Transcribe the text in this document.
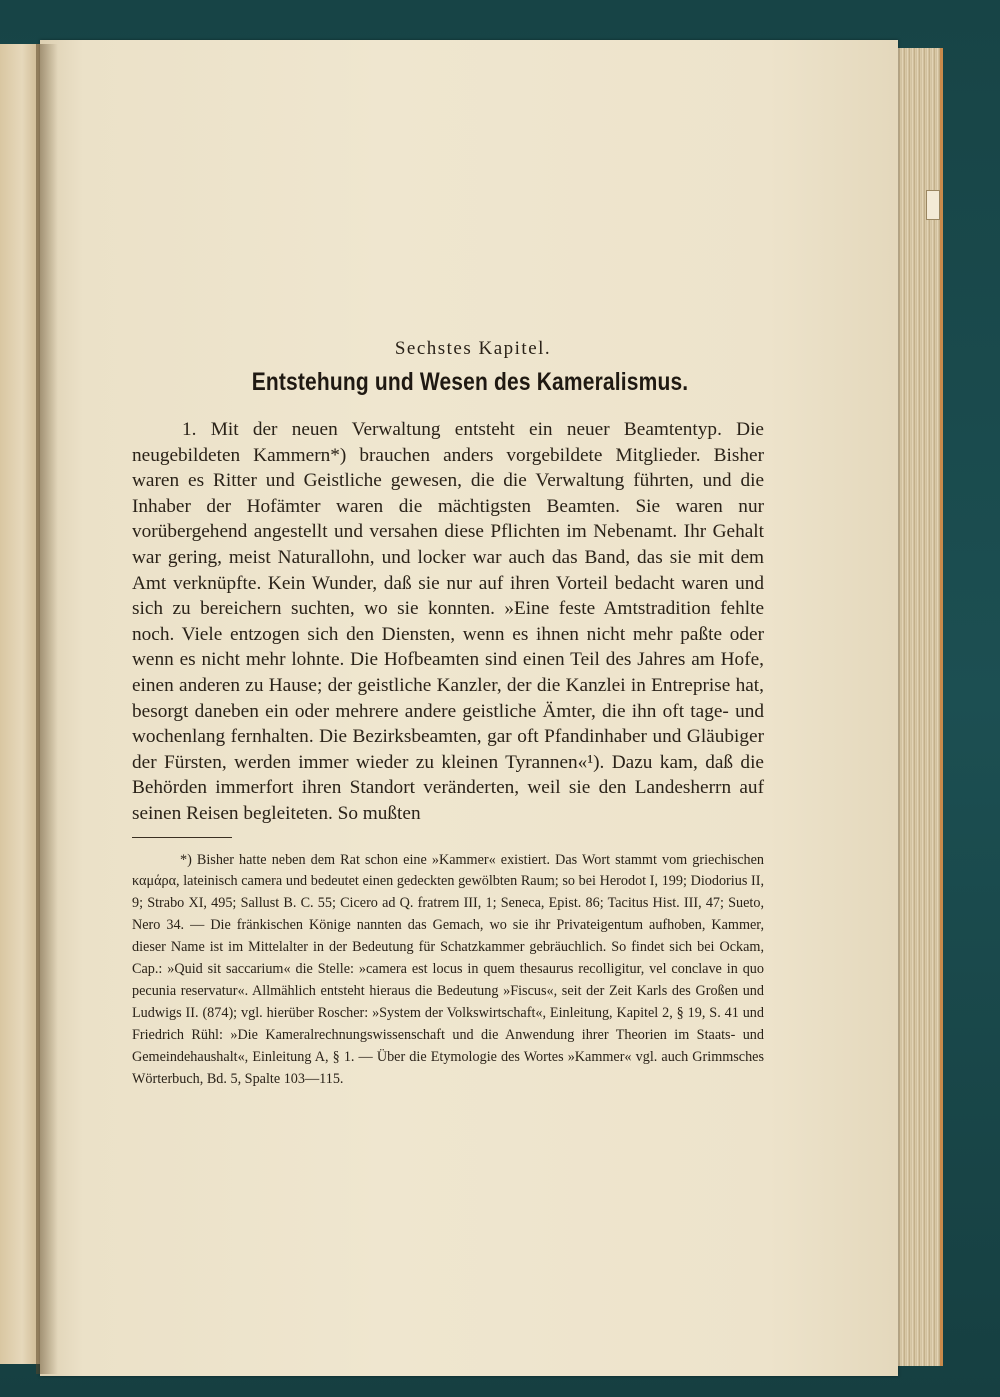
Sechstes Kapitel.
Entstehung und Wesen des Kameralismus.

1. Mit der neuen Verwaltung entsteht ein neuer Beamtentyp. Die neugebildeten Kammern*) brauchen anders vorgebildete Mitglieder. Bisher waren es Ritter und Geistliche gewesen, die die Verwaltung führten, und die Inhaber der Hofämter waren die mächtigsten Beamten. Sie waren nur vorübergehend angestellt und versahen diese Pflichten im Nebenamt. Ihr Gehalt war gering, meist Naturallohn, und locker war auch das Band, das sie mit dem Amt verknüpfte. Kein Wunder, daß sie nur auf ihren Vorteil bedacht waren und sich zu bereichern suchten, wo sie konnten. »Eine feste Amtstradition fehlte noch. Viele entzogen sich den Diensten, wenn es ihnen nicht mehr paßte oder wenn es nicht mehr lohnte. Die Hofbeamten sind einen Teil des Jahres am Hofe, einen anderen zu Hause; der geistliche Kanzler, der die Kanzlei in Entreprise hat, besorgt daneben ein oder mehrere andere geistliche Ämter, die ihn oft tage- und wochenlang fernhalten. Die Bezirksbeamten, gar oft Pfandinhaber und Gläubiger der Fürsten, werden immer wieder zu kleinen Tyrannen«¹). Dazu kam, daß die Behörden immerfort ihren Standort veränderten, weil sie den Landesherrn auf seinen Reisen begleiteten. So mußten

*) Bisher hatte neben dem Rat schon eine »Kammer« existiert. Das Wort stammt vom griechischen καμάρα, lateinisch camera und bedeutet einen gedeckten gewölbten Raum; so bei Herodot I, 199; Diodorius II, 9; Strabo XI, 495; Sallust B. C. 55; Cicero ad Q. fratrem III, 1; Seneca, Epist. 86; Tacitus Hist. III, 47; Sueto, Nero 34. — Die fränkischen Könige nannten das Gemach, wo sie ihr Privateigentum aufhoben, Kammer, dieser Name ist im Mittelalter in der Bedeutung für Schatzkammer gebräuchlich. So findet sich bei Ockam, Cap.: »Quid sit saccarium« die Stelle: »camera est locus in quem thesaurus recolligitur, vel conclave in quo pecunia reservatur«. Allmählich entsteht hieraus die Bedeutung »Fiscus«, seit der Zeit Karls des Großen und Ludwigs II. (874); vgl. hierüber Roscher: »System der Volkswirtschaft«, Einleitung, Kapitel 2, § 19, S. 41 und Friedrich Rühl: »Die Kameralrechnungswissenschaft und die Anwendung ihrer Theorien im Staats- und Gemeindehaushalt«, Einleitung A, § 1. — Über die Etymologie des Wortes »Kammer« vgl. auch Grimmsches Wörterbuch, Bd. 5, Spalte 103—115.
